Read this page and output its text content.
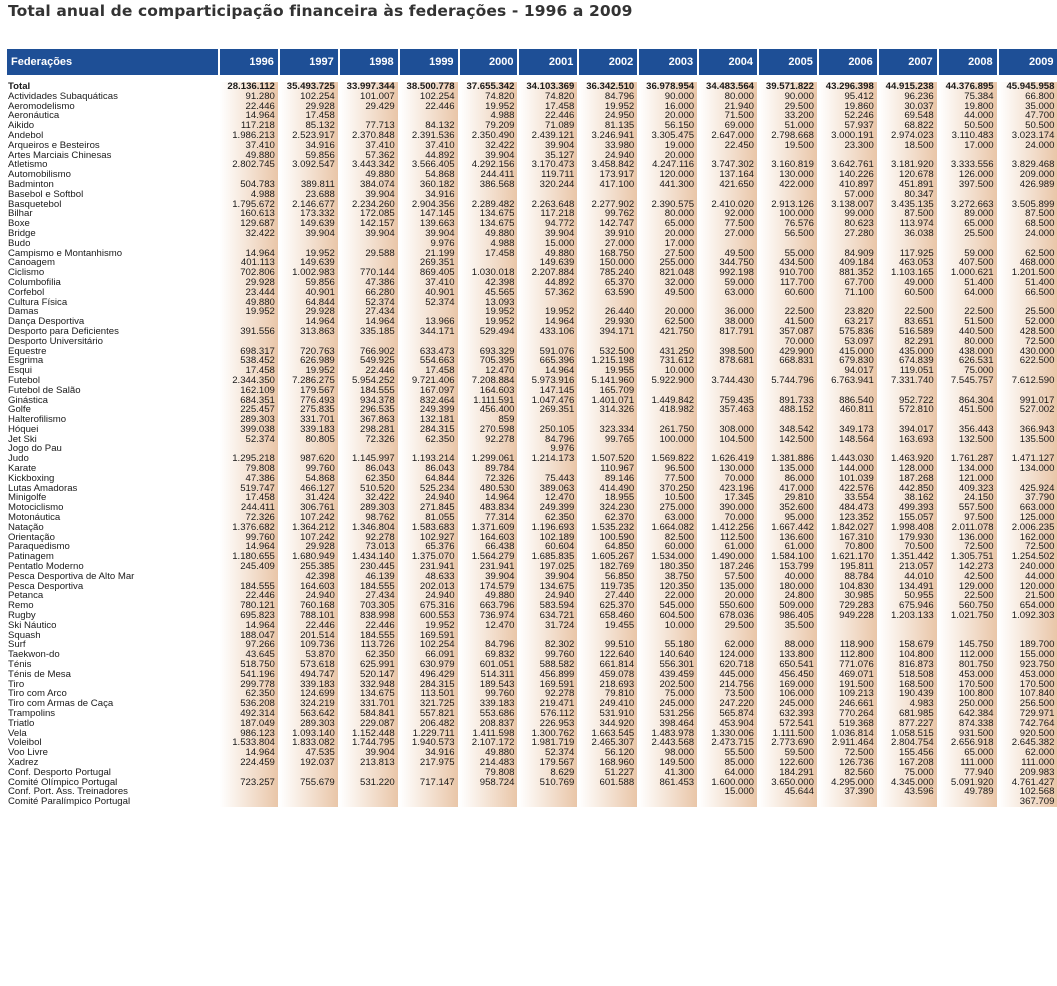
Total anual de comparticipação financeira às federações - 1996 a 2009
Federações	1996	1997	1998	1999	2000	2001	2002	2003	2004	2005	2006	2007	2008	2009

Total	28.136.112	35.493.725	33.997.344	38.500.778	37.655.342	34.103.369	36.342.510	36.978.954	34.483.564	39.571.822	43.296.398	44.915.238	44.376.895	45.945.958
Actividades Subaquáticas	91.280	102.254	101.007	102.254	74.820	74.820	84.796	90.000	80.000	90.000	95.412	96.236	75.384	66.800
Aeromodelismo	22.446	29.928	29.429	22.446	19.952	17.458	19.952	16.000	21.940	29.500	19.860	30.037	19.800	35.000
Aeronáutica	14.964	17.458			4.988	22.446	24.950	20.000	71.500	33.200	52.246	69.548	44.000	47.700
Aikido	117.218	85.132	77.713	84.132	79.209	71.089	81.135	56.150	69.000	51.000	57.937	68.822	50.500	50.500
Andebol	1.986.213	2.523.917	2.370.848	2.391.536	2.350.490	2.439.121	3.246.941	3.305.475	2.647.000	2.798.668	3.000.191	2.974.023	3.110.483	3.023.174
Arqueiros e Besteiros	37.410	34.916	37.410	37.410	32.422	39.904	33.980	19.000	22.450	19.500	23.300	18.500	17.000	24.000
Artes Marciais Chinesas	49.880	59.856	57.362	44.892	39.904	35.127	24.940	20.000						
Atletismo	2.802.745	3.092.547	3.443.342	3.566.405	4.292.156	3.170.473	3.458.842	4.247.116	3.747.302	3.160.819	3.642.761	3.181.920	3.333.556	3.829.468
Automobilismo			49.880	54.868	244.411	119.711	173.917	120.000	137.164	130.000	140.226	120.678	126.000	209.000
Badminton	504.783	389.811	384.074	360.182	386.568	320.244	417.100	441.300	421.650	422.000	410.897	451.891	397.500	426.989
Basebol e Softbol	4.988	23.688	39.904	34.916							57.000	80.347		
Basquetebol	1.795.672	2.146.677	2.234.260	2.904.356	2.289.482	2.263.648	2.277.902	2.390.575	2.410.020	2.913.126	3.138.007	3.435.135	3.272.663	3.505.899
Bilhar	160.613	173.332	172.085	147.145	134.675	117.218	99.762	80.000	92.000	100.000	99.000	87.500	89.000	87.500
Boxe	129.687	149.639	142.157	139.663	134.675	94.772	142.747	65.000	77.500	76.576	80.623	113.974	65.000	68.500
Bridge	32.422	39.904	39.904	39.904	49.880	39.904	39.910	20.000	27.000	56.500	27.280	36.038	25.500	24.000
Budo				9.976	4.988	15.000	27.000	17.000						
Campismo e Montanhismo	14.964	19.952	29.588	21.199	17.458	49.880	168.750	27.500	49.500	55.000	84.909	117.925	59.000	62.500
Canoagem	401.113	149.639		269.351		149.639	150.000	255.000	344.750	434.500	409.184	463.053	407.500	468.000
Ciclismo	702.806	1.002.983	770.144	869.405	1.030.018	2.207.884	785.240	821.048	992.198	910.700	881.352	1.103.165	1.000.621	1.201.500
Columbofilia	29.928	59.856	47.386	37.410	42.398	44.892	65.370	32.000	59.000	117.700	67.700	49.000	51.400	51.400
Corfebol	23.444	40.901	66.280	40.901	45.565	57.362	63.590	49.500	63.000	60.600	71.100	60.500	64.000	66.500
Cultura Física	49.880	64.844	52.374	52.374	13.093									
Damas	19.952	29.928	27.434		19.952	19.952	26.440	20.000	36.000	22.500	23.820	22.500	22.500	25.500
Dança Desportiva		14.964	14.964	13.966	19.952	14.964	29.930	62.500	38.000	41.500	63.217	83.651	51.500	52.000
Desporto para Deficientes	391.556	313.863	335.185	344.171	529.494	433.106	394.171	421.750	817.791	357.087	575.836	516.589	440.500	428.500
Desporto Universitário										70.000	53.097	82.291	80.000	72.500
Equestre	698.317	720.763	766.902	633.473	693.329	591.076	532.500	431.250	398.500	429.900	415.000	435.000	438.000	430.000
Esgrima	538.452	626.989	549.925	554.663	705.395	665.396	1.215.198	731.612	878.681	668.831	679.830	674.839	626.531	622.500
Esqui	17.458	19.952	22.446	17.458	12.470	14.964	19.955	10.000			94.017	119.051	75.000	
Futebol	2.344.350	7.286.275	5.954.252	9.721.406	7.208.884	5.973.916	5.141.960	5.922.900	3.744.430	5.744.796	6.763.941	7.331.740	7.545.757	7.612.590
Futebol de Salão	162.109	179.567	184.555	167.097	164.603	147.145	165.709							
Ginástica	684.351	776.493	934.378	832.464	1.111.591	1.047.476	1.401.071	1.449.842	759.435	891.733	886.540	952.722	864.304	991.017
Golfe	225.457	275.835	296.535	249.399	456.400	269.351	314.326	418.982	357.463	488.152	460.811	572.810	451.500	527.002
Halterofilismo	289.303	331.701	367.863	132.181	859									
Hóquei	399.038	339.183	298.281	284.315	270.598	250.105	323.334	261.750	308.000	348.542	349.173	394.017	356.443	366.943
Jet Ski	52.374	80.805	72.326	62.350	92.278	84.796	99.765	100.000	104.500	142.500	148.564	163.693	132.500	135.500
Jogo do Pau						9.976								
Judo	1.295.218	987.620	1.145.997	1.193.214	1.299.061	1.214.173	1.507.520	1.569.822	1.626.419	1.381.886	1.443.030	1.463.920	1.761.287	1.471.127
Karate	79.808	99.760	86.043	86.043	89.784		110.967	96.500	130.000	135.000	144.000	128.000	134.000	134.000
Kickboxing	47.386	54.868	62.350	64.844	72.326	75.443	89.146	77.500	70.000	86.000	101.039	187.268	121.000	
Lutas Amadoras	519.747	466.127	510.520	525.234	480.530	389.063	414.490	370.250	423.196	417.000	422.576	442.850	409.323	425.924
Minigolfe	17.458	31.424	32.422	24.940	14.964	12.470	18.955	10.500	17.345	29.810	33.554	38.162	24.150	37.790
Motociclismo	244.411	306.761	289.303	271.845	483.834	249.399	324.230	275.000	390.000	352.600	484.473	499.393	557.500	663.000
Motonáutica	72.326	107.242	98.762	81.055	77.314	62.350	62.370	63.000	70.000	95.000	123.352	155.057	97.500	125.000
Natação	1.376.682	1.364.212	1.346.804	1.583.683	1.371.609	1.196.693	1.535.232	1.664.082	1.412.256	1.667.442	1.842.027	1.998.408	2.011.078	2.006.235
Orientação	99.760	107.242	92.278	102.927	164.603	102.189	100.590	82.500	112.500	136.600	167.310	179.930	136.000	162.000
Paraquedismo	14.964	29.928	73.013	65.376	66.438	60.604	64.850	60.000	61.000	61.000	70.800	70.500	72.500	72.500
Patinagem	1.180.655	1.680.949	1.434.140	1.375.070	1.564.279	1.685.835	1.605.267	1.534.000	1.490.000	1.584.100	1.621.170	1.351.442	1.305.751	1.254.502
Pentatlo Moderno	245.409	255.385	230.445	231.941	231.941	197.025	182.769	180.350	187.246	153.799	195.811	213.057	142.273	240.000
Pesca Desportiva de Alto Mar		42.398	46.139	48.633	39.904	39.904	56.850	38.750	57.500	40.000	88.784	44.010	42.500	44.000
Pesca Desportiva	184.555	164.603	184.555	202.013	174.579	134.675	119.735	120.350	135.000	180.000	104.830	134.491	129.000	120.000
Petanca	22.446	24.940	27.434	24.940	49.880	24.940	27.440	22.000	20.000	24.800	30.985	50.955	22.500	21.500
Remo	780.121	760.168	703.305	675.316	663.796	583.594	625.370	545.000	550.600	509.000	729.283	675.946	560.750	654.000
Rugby	695.823	788.101	838.998	600.553	736.974	634.721	658.460	604.500	678.036	986.405	949.228	1.203.133	1.021.750	1.092.303
Ski Náutico	14.964	22.446	22.446	19.952	12.470	31.724	19.455	10.000	29.500	35.500				
Squash	188.047	201.514	184.555	169.591										
Surf	97.266	109.736	113.726	102.254	84.796	82.302	99.510	55.180	62.000	88.000	118.900	158.679	145.750	189.700
Taekwon-do	43.645	53.870	62.350	66.091	69.832	99.760	122.640	140.640	124.000	133.800	112.800	104.800	112.000	155.000
Ténis	518.750	573.618	625.991	630.979	601.051	588.582	661.814	556.301	620.718	650.541	771.076	816.873	801.750	923.750
Ténis de Mesa	541.196	494.747	520.147	496.429	514.311	456.899	459.078	439.459	445.000	456.450	469.071	518.508	453.000	453.000
Tiro	299.778	339.183	332.948	284.315	189.543	169.591	218.693	202.500	214.756	169.000	191.500	168.500	170.500	170.500
Tiro com Arco	62.350	124.699	134.675	113.501	99.760	92.278	79.810	75.000	73.500	106.000	109.213	190.439	100.800	107.840
Tiro com Armas de Caça	536.208	324.219	331.701	321.725	339.183	219.471	249.410	245.000	247.220	245.000	246.661	4.983	250.000	256.500
Trampolins	492.314	563.642	584.841	557.821	553.686	576.112	531.910	531.256	565.874	632.393	770.264	681.985	642.384	729.971
Triatlo	187.049	289.303	229.087	206.482	208.837	226.953	344.920	398.464	453.904	572.541	519.368	877.227	874.338	742.764
Vela	986.123	1.093.140	1.152.448	1.229.711	1.411.598	1.300.762	1.663.545	1.483.978	1.330.006	1.111.500	1.036.814	1.058.515	931.500	920.500
Voleibol	1.533.804	1.833.082	1.744.795	1.940.573	2.107.172	1.981.719	2.465.307	2.443.568	2.473.715	2.773.690	2.911.464	2.804.754	2.656.918	2.645.382
Voo Livre	14.964	47.535	39.904	34.916	49.880	52.374	56.120	98.000	55.500	59.500	72.500	155.456	65.000	62.000
Xadrez	224.459	192.037	213.813	217.975	214.483	179.567	168.960	149.500	85.000	122.600	126.736	167.208	111.000	111.000
Conf. Desporto Portugal					79.808	8.629	51.227	41.300	64.000	184.291	82.560	75.000	77.940	209.983
Comité Olímpico Portugal	723.257	755.679	531.220	717.147	958.724	510.769	601.588	861.453	1.600.000	3.650.000	4.295.000	4.345.000	5.091.920	4.761.427
Conf. Port. Ass. Treinadores									15.000	45.644	37.390	43.596	49.789	102.568
Comité Paralímpico Portugal														367.709
